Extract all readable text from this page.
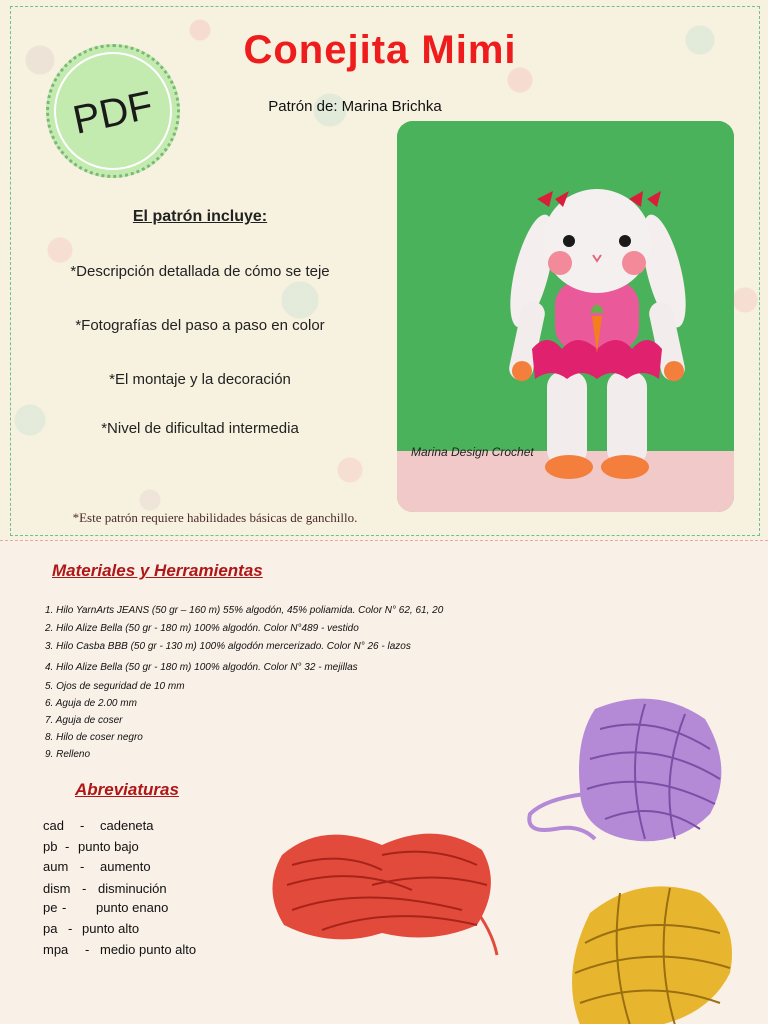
PDF
Conejita Mimi
Patrón de: Marina Brichka
El patrón incluye:
*Descripción detallada de cómo se teje
*Fotografías del paso a paso en color
*El montaje y la decoración
*Nivel de dificultad intermedia
*Este patrón requiere habilidades básicas de ganchillo.
Marina Design Crochet
Materiales y Herramientas
1. Hilo YarnArts JEANS (50 gr – 160 m) 55% algodón, 45% poliamida. Color N° 62, 61, 20
2. Hilo Alize Bella (50 gr - 180 m) 100% algodón. Color N°489 - vestido
3. Hilo Casba BBB (50 gr - 130 m) 100% algodón mercerizado. Color N° 26 - lazos
4. Hilo Alize Bella (50 gr - 180 m) 100% algodón. Color N° 32 - mejillas
5. Ojos de seguridad de 10 mm
6. Aguja de 2.00 mm
7. Aguja de coser
8. Hilo de coser negro
9. Relleno
Abreviaturas
cad - cadeneta
pb - punto bajo
aum - aumento
dism - disminución
pe - punto enano
pa - punto alto
mpa - medio punto alto
